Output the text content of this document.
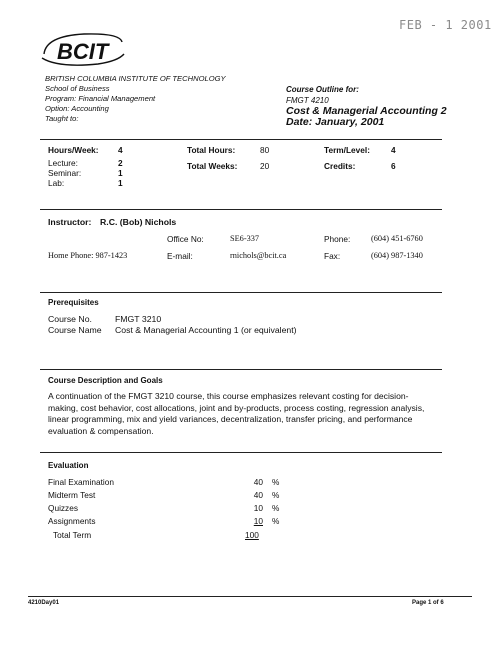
FEB - 1 2001
BCIT
BRITISH COLUMBIA INSTITUTE OF TECHNOLOGY
School of Business
Program: Financial Management
Option: Accounting
Taught to:
Course Outline for:
FMGT 4210
Cost & Managerial Accounting 2
Date: January, 2001
Hours/Week: 4
Lecture:	2
Seminar:	1
Lab:	1
Total Hours:	80
Total Weeks:	20
Term/Level:	4
Credits:	6
Instructor: R.C. (Bob) Nichols
Office No:	SE6-337	Phone: (604) 451-6760
Home Phone: 987-1423	E-mail:	rnichols@bcit.ca	Fax:	(604) 987-1340
Prerequisites
Course No.	FMGT 3210
Course Name Cost & Managerial Accounting 1 (or equivalent)
Course Description and Goals
A continuation of the FMGT 3210 course, this course emphasizes relevant costing for decision-making, cost behavior, cost allocations, joint and by-products, process costing, regression analysis, linear programming, mix and yield variances, decentralization, transfer pricing, and performance evaluation & compensation.
Evaluation
Final Examination	40 %
Midterm Test	40 %
Quizzes	10 %
Assignments	10 %
Total Term	100
4210Day01	Page 1 of 6
